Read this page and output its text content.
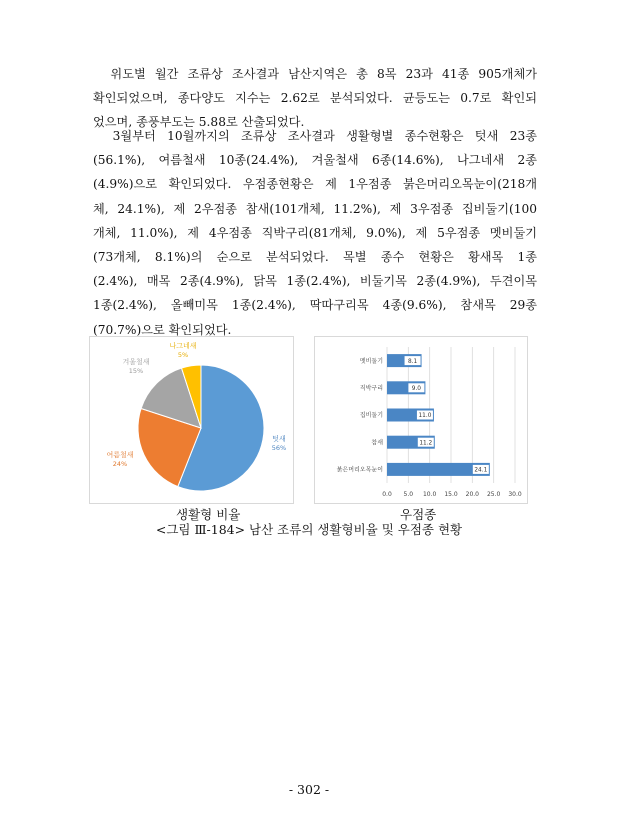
　위도별 월간 조류상 조사결과 남산지역은 총 8목 23과 41종 905개체가
확인되었으며, 종다양도 지수는 2.62로 분석되었다. 균등도는 0.7로 확인되
었으며, 종풍부도는 5.88로 산출되었다.
　3월부터 10월까지의 조류상 조사결과 생활형별 종수현황은 텃새 23종
(56.1%), 여름철새 10종(24.4%), 겨울철새 6종(14.6%), 나그네새 2종
(4.9%)으로 확인되었다. 우점종현황은 제 1우점종 붉은머리오목눈이(218개
체, 24.1%), 제 2우점종 참새(101개체, 11.2%), 제 3우점종 집비둘기(100
개체, 11.0%), 제 4우점종 직박구리(81개체, 9.0%), 제 5우점종 멧비둘기
(73개체, 8.1%)의 순으로 분석되었다. 목별 종수 현황은 황새목 1종
(2.4%), 매목 2종(4.9%), 닭목 1종(2.4%), 비둘기목 2종(4.9%), 두견이목
1종(2.4%), 올빼미목 1종(2.4%), 딱따구리목 4종(9.6%), 참새목 29종
(70.7%)으로 확인되었다.
텃새
56%
여름철새
24%
겨울철새
15%
나그네새
5%
0.0 5.0 10.0 15.0 20.0 25.0 30.0
멧비둘기	8.1
직박구리	9.0
집비둘기	11.0
참새	11.2
붉은머리오목눈이	24.1
생활형 비율	우점종
<그림 Ⅲ-184> 남산 조류의 생활형비율 및 우점종 현황
- 302 -
